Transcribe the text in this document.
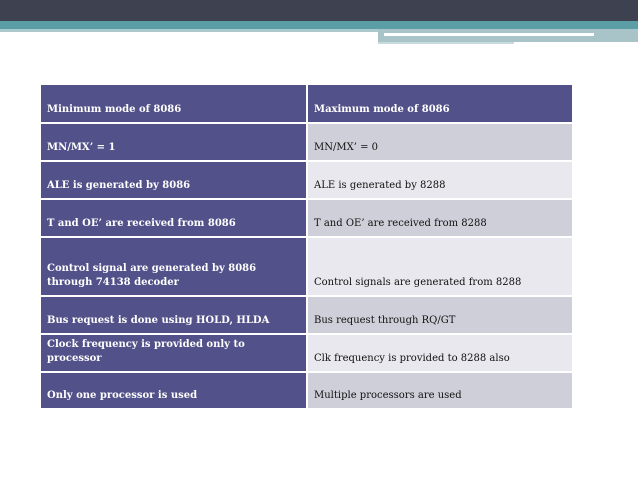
Minimum mode of 8086	Maximum mode of 8086
MN/MX’ = 1	MN/MX’ = 0
ALE is generated by 8086	ALE is generated by 8288
T and OE’ are received from 8086	T and OE’ are received from 8288
Control signal are generated by 8086 through 74138 decoder	Control signals are generated from 8288
Bus request is done using HOLD, HLDA	Bus request through RQ/GT
Clock frequency is provided only to processor	Clk frequency is provided to 8288 also
Only one processor is used	Multiple processors are used
